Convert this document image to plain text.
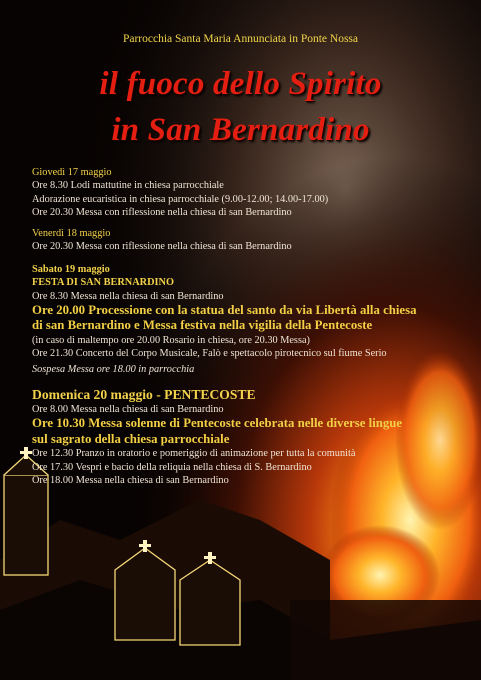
Parrocchia Santa Maria Annunciata in Ponte Nossa
il fuoco dello Spirito
in San Bernardino
Giovedì 17 maggio
Ore 8.30 Lodi mattutine in chiesa parrocchiale
Adorazione eucaristica in chiesa parrocchiale (9.00-12.00; 14.00-17.00)
Ore 20.30 Messa con riflessione nella chiesa di san Bernardino
Venerdì 18 maggio
Ore 20.30 Messa con riflessione nella chiesa di san Bernardino
Sabato 19 maggio
FESTA DI SAN BERNARDINO
Ore 8.30 Messa nella chiesa di san Bernardino
Ore 20.00 Processione con la statua del santo da via Libertà alla chiesa
di san Bernardino e Messa festiva nella vigilia della Pentecoste
(in caso di maltempo ore 20.00 Rosario in chiesa, ore 20.30 Messa)
Ore 21.30 Concerto del Corpo Musicale, Falò e spettacolo pirotecnico sul fiume Serio
Sospesa Messa ore 18.00 in parrocchia
Domenica 20 maggio - PENTECOSTE
Ore 8.00 Messa nella chiesa di san Bernardino
Ore 10.30 Messa solenne di Pentecoste celebrata nelle diverse lingue
sul sagrato della chiesa parrocchiale
Ore 12.30 Pranzo in oratorio e pomeriggio di animazione per tutta la comunità
Ore 17.30 Vespri e bacio della reliquia nella chiesa di S. Bernardino
Ore 18.00 Messa nella chiesa di san Bernardino
